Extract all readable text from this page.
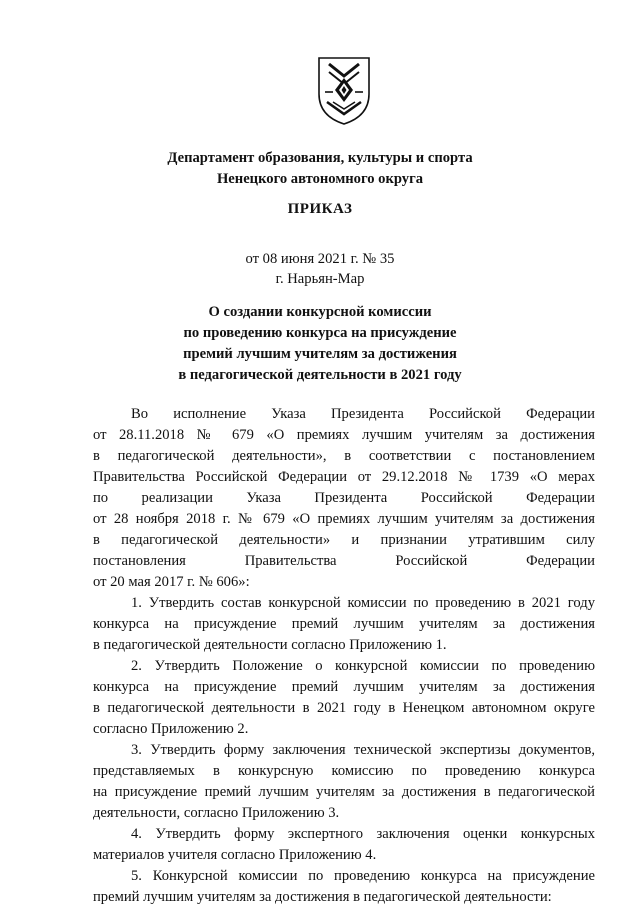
Департамент образования, культуры и спорта
Ненецкого автономного округа
ПРИКАЗ
от 08 июня 2021 г. № 35
г. Нарьян-Мар
О создании конкурсной комиссии
по проведению конкурса на присуждение
премий лучшим учителям за достижения
в педагогической деятельности в 2021 году

Во исполнение Указа Президента Российской Федерации

от 28.11.2018 № 679 «О премиях лучшим учителям за достижения

в педагогической деятельности», в соответствии с постановлением

Правительства Российской Федерации от 29.12.2018 № 1739 «О мерах

по реализации Указа Президента Российской Федерации

от 28 ноября 2018 г. № 679 «О премиях лучшим учителям за достижения

в педагогической деятельности» и признании утратившим силу

постановления Правительства Российской Федерации

от 20 мая 2017 г. № 606»:

1. Утвердить состав конкурсной комиссии по проведению в 2021 году

конкурса на присуждение премий лучшим учителям за достижения

в педагогической деятельности согласно Приложению 1.

2. Утвердить Положение о конкурсной комиссии по проведению

конкурса на присуждение премий лучшим учителям за достижения

в педагогической деятельности в 2021 году в Ненецком автономном округе

согласно Приложению 2.

3. Утвердить форму заключения технической экспертизы документов,

представляемых в конкурсную комиссию по проведению конкурса

на присуждение премий лучшим учителям за достижения в педагогической

деятельности, согласно Приложению 3.

4. Утвердить форму экспертного заключения оценки конкурсных

материалов учителя согласно Приложению 4.

5. Конкурсной комиссии по проведению конкурса на присуждение

премий лучшим учителям за достижения в педагогической деятельности:
